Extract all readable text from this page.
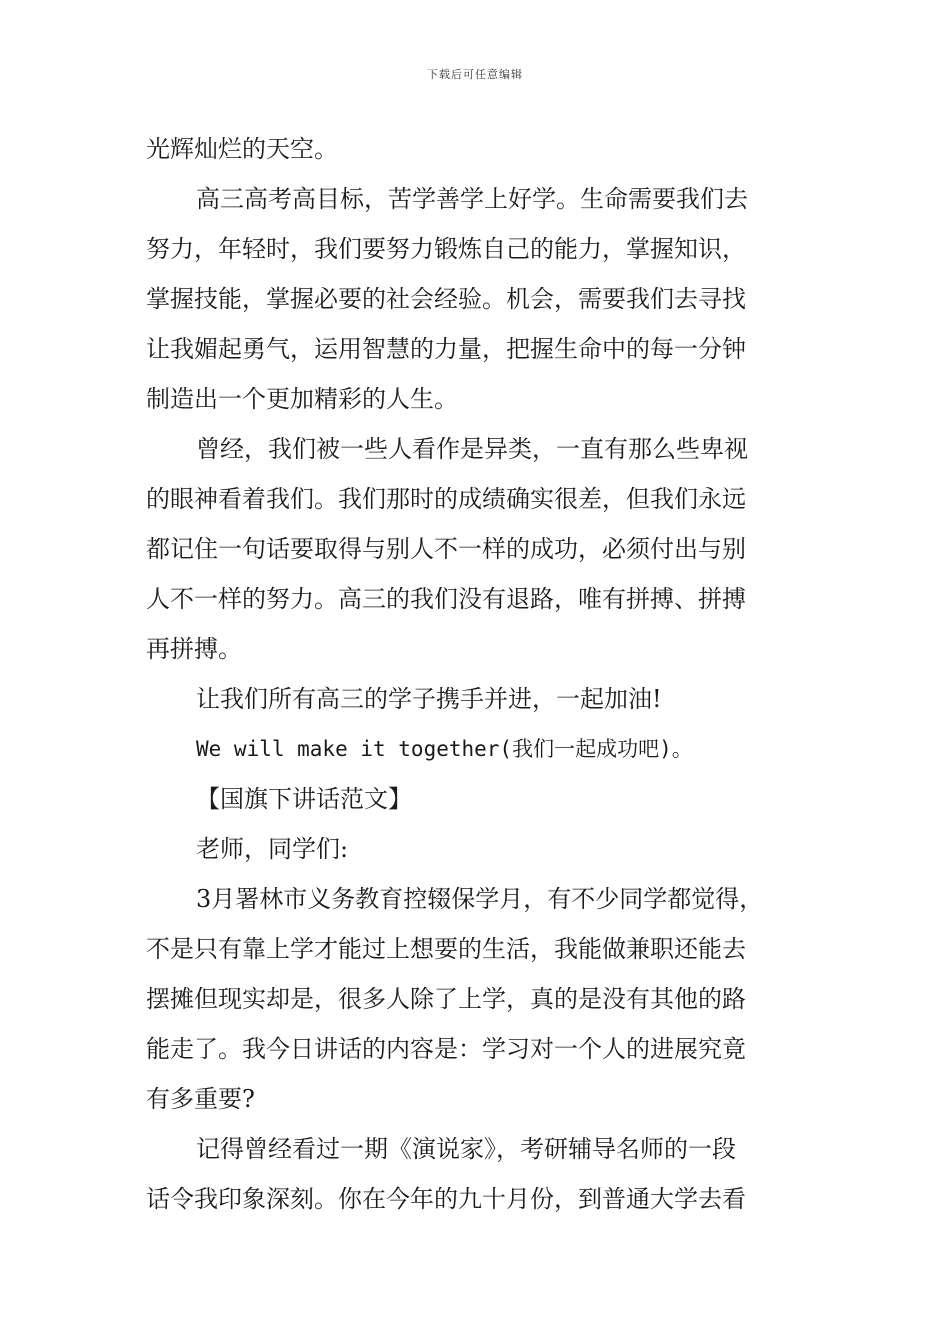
下载后可任意编辑
光辉灿烂的天空。
高三高考高目标，苦学善学上好学。生命需要我们去
努力，年轻时，我们要努力锻炼自己的能力，掌握知识，
掌握技能，掌握必要的社会经验。机会，需要我们去寻找
让我媚起勇气，运用智慧的力量，把握生命中的每一分钟
制造出一个更加精彩的人生。
曾经，我们被一些人看作是异类，一直有那么些卑视
的眼神看着我们。我们那时的成绩确实很差，但我们永远
都记住一句话要取得与别人不一样的成功，必须付出与别
人不一样的努力。高三的我们没有退路，唯有拼搏、拼搏
再拼搏。
让我们所有高三的学子携手并进，一起加油!
We will make it together(我们一起成功吧)。
【国旗下讲话范文】
老师，同学们:
3月署林市义务教育控辍保学月，有不少同学都觉得，
不是只有靠上学才能过上想要的生活，我能做兼职还能去
摆摊但现实却是，很多人除了上学，真的是没有其他的路
能走了。我今日讲话的内容是：学习对一个人的进展究竟
有多重要?
记得曾经看过一期《演说家》，考研辅导名师的一段
话令我印象深刻。你在今年的九十月份，到普通大学去看
